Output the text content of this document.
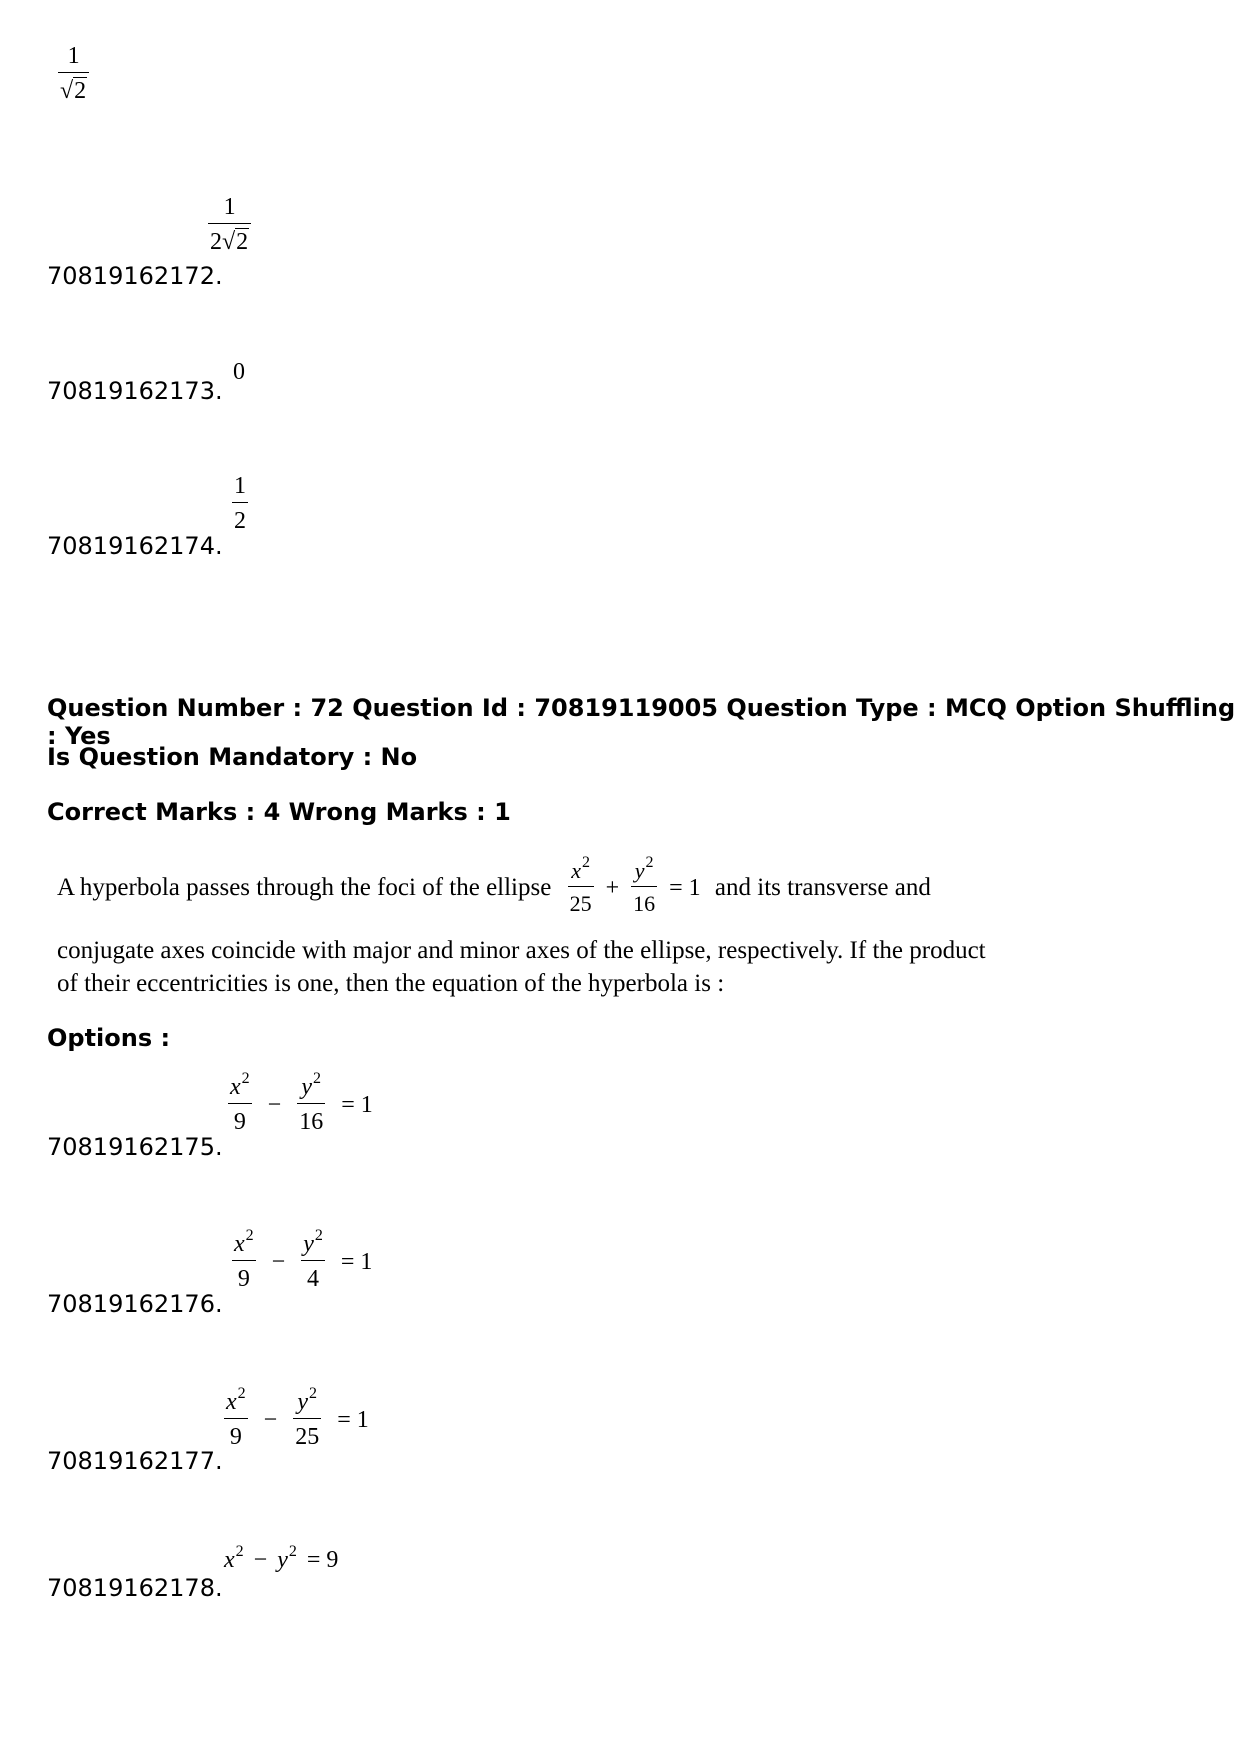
$\frac{1}{√2}$
70819162172.
$\frac{1}{2√2}$
70819162173.
0
70819162174.
$\frac{1}{2}$
Question Number : 72 Question Id : 70819119005 Question Type : MCQ Option Shuffling : Yes
Is Question Mandatory : No
Correct Marks : 4 Wrong Marks : 1
A hyperbola passes through the foci of the ellipse $\frac{x^2}{25} + \frac{y^2}{16} = 1$ and its transverse and
conjugate axes coincide with major and minor axes of the ellipse, respectively. If the product
of their eccentricities is one, then the equation of the hyperbola is :
Options :
70819162175.
$\frac{x^2}{9} - \frac{y^2}{16} = 1$
70819162176.
$\frac{x^2}{9} - \frac{y^2}{4} = 1$
70819162177.
$\frac{x^2}{9} - \frac{y^2}{25} = 1$
70819162178.
$x^2 - y^2 = 9$
